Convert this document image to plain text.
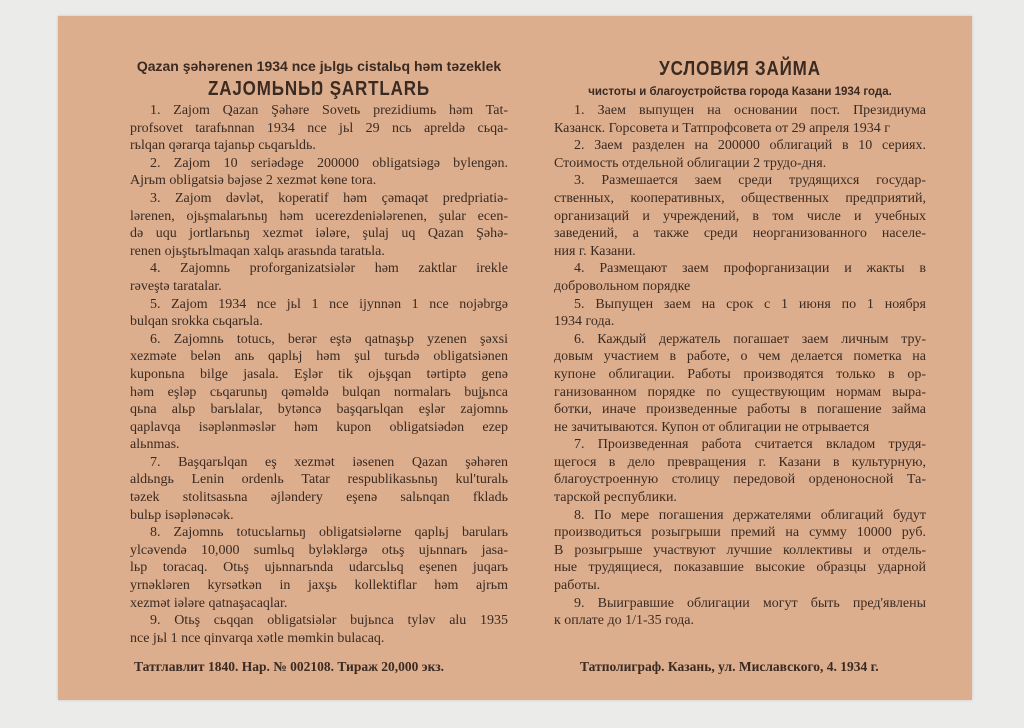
Qazan şəhərenen 1934 nce jьlgь cistalьq həm təzeklek
ZAJOMЬNЬŊ ŞARTLARЬ
1. Zajom Qazan Şəhəre Sovetь prezidiumь həm Tat-
profsovet tarafьnnan 1934 nce jьl 29 ncь apreldə cьqa-
rьlqan qərarqa tajanьp cьqarьldь.
2. Zajom 10 seriədəge 200000 obligatsiəgə bylengən.
Ajrьm obligatsiə bəjəse 2 xezmət kөne tora.
3. Zajom dəvlət, koperatif həm çəmaqət predpriatiə-
lərenen, ojьşmalarьnьŋ həm ucerezdeniələrenen, şular ecen-
də uqu jortlarьnьŋ xezmət iələre, şulaj uq Qazan Şəhə-
renen ojьştьrьlmaqan xalqь arasьnda taratьla.
4. Zajomnь proforganizatsiələr həm zaktlar irekle
rəveştə taratalar.
5. Zajom 1934 nce jьl 1 nce ijynnən 1 nce nojəbrgə
bulqan srokka cьqarьla.
6. Zajomnь totucь, berər eştə qatnaşьp yzenen şəxsi
xezməte belən anь qaplьj həm şul turьdə obligatsiənen
kuponьna bilge jasala. Eşlər tik ojьşqan tərtiptə genə
həm eşləp cьqarunьŋ qəməldə bulqan normalarь buj̧ьnca
qьna alьp barьlalar, bytəncə başqarьlqan eşlər zajomnь
qaplavqa isəplənməslər həm kupon obligatsiədən ezep
alьnmas.
7. Başqarьlqan eş xezmət iəsenen Qazan şəhəren
aldьngь Lenin ordenlь Tatar respublikasьnьŋ kul'turalь
təzek stolitsasьna əjləndery eşenə salьnqan fkladь
bulьp isəplənəcək.
8. Zajomnь totucьlarnьŋ obligatsiələrne qaplьj barularь
ylcəvendə 10,000 sumlьq byləklərgə otьş ujьnnarь jasa-
lьp toracaq. Otьş ujьnnarьnda udarcьlьq eşenen juqarь
yrnəkləren kyrsətkən in jaxşь kollektiflar həm ajrьm
xezmət iələre qatnaşacaqlar.
9. Otьş cьqqan obligatsiələr bujьnca tyləv alu 1935
nce jьl 1 nce qinvarqa xətle mөmkin bulacaq.
УСЛОВИЯ ЗАЙМА
чистоты и благоустройства города Казани 1934 года.
1. Заем выпущен на основании пост. Президиума
Казанск. Горсовета и Татпрофсовета от 29 апреля 1934 г
2. Заем разделен на 200000 облигаций в 10 сериях.
Стоимость отдельной облигации 2 трудо-дня.
3. Размешается заем среди трудящихся государ-
ственных, кооперативных, общественных предприятий,
организаций и учреждений, в том числе и учебных
заведений, а также среди неорганизованного населе-
ния г. Казани.
4. Размещают заем профорганизации и жакты в
добровольном порядке
5. Выпущен заем на срок с 1 июня по 1 ноября
1934 года.
6. Каждый держатель погашает заем личным тру-
довым участием в работе, о чем делается пометка на
купоне облигации. Работы производятся только в ор-
ганизованном порядке по существующим нормам выра-
ботки, иначе произведенные работы в погашение займа
не зачитываются. Купон от облигации не отрывается
7. Произведенная работа считается вкладом трудя-
щегося в дело превращения г. Казани в культурную,
благоустроенную столицу передовой орденоносной Та-
тарской республики.
8. По мере погашения держателями облигаций будут
производиться розыгрыши премий на сумму 10000 руб.
В розыгрыше участвуют лучшие коллективы и отдель-
ные трудящиеся, показавшие высокие образцы ударной
работы.
9. Выигравшие облигации могут быть пред'явлены
к оплате до 1/1-35 года.
Татглавлит 1840. Нар. № 002108. Тираж 20,000 экз.	Татполиграф. Казань, ул. Миславского, 4. 1934 г.
